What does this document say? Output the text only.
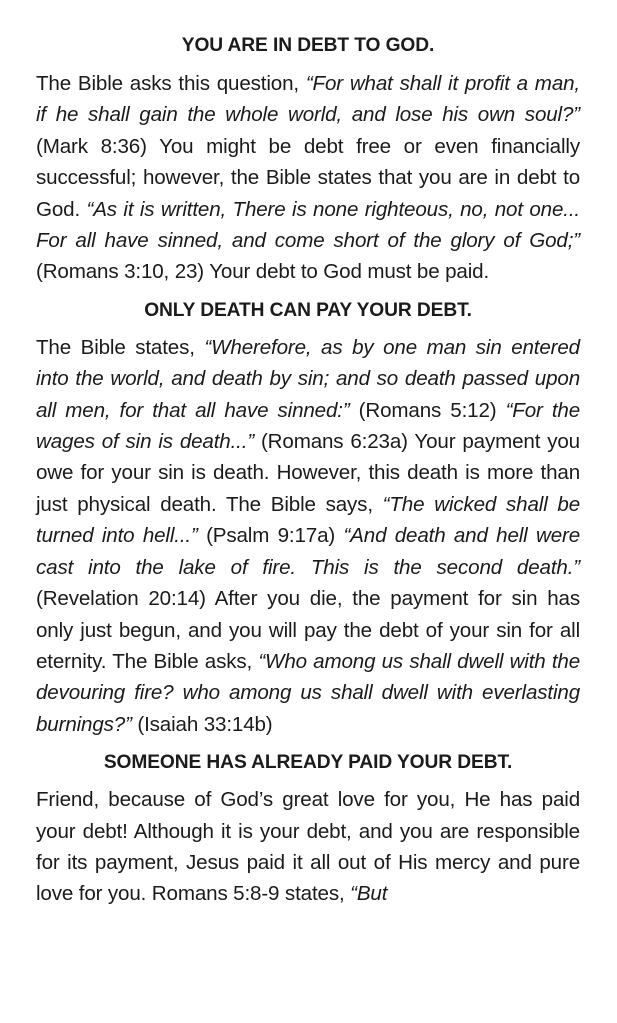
YOU ARE IN DEBT TO GOD.

The Bible asks this question, “For what shall it profit a man, if he shall gain the whole world, and lose his own soul?” (Mark 8:36) You might be debt free or even financially successful; however, the Bible states that you are in debt to God. “As it is written, There is none righteous, no, not one... For all have sinned, and come short of the glory of God;” (Romans 3:10, 23) Your debt to God must be paid.

ONLY DEATH CAN PAY YOUR DEBT.

The Bible states, “Wherefore, as by one man sin entered into the world, and death by sin; and so death passed upon all men, for that all have sinned:” (Romans 5:12) “For the wages of sin is death...” (Romans 6:23a) Your payment you owe for your sin is death. However, this death is more than just physical death. The Bible says, “The wicked shall be turned into hell...” (Psalm 9:17a) “And death and hell were cast into the lake of fire. This is the second death.” (Revelation 20:14) After you die, the payment for sin has only just begun, and you will pay the debt of your sin for all eternity. The Bible asks, “Who among us shall dwell with the devouring fire? who among us shall dwell with everlasting burnings?” (Isaiah 33:14b)

SOMEONE HAS ALREADY PAID YOUR DEBT.

Friend, because of God’s great love for you, He has paid your debt! Although it is your debt, and you are responsible for its payment, Jesus paid it all out of His mercy and pure love for you. Romans 5:8-9 states, “But
